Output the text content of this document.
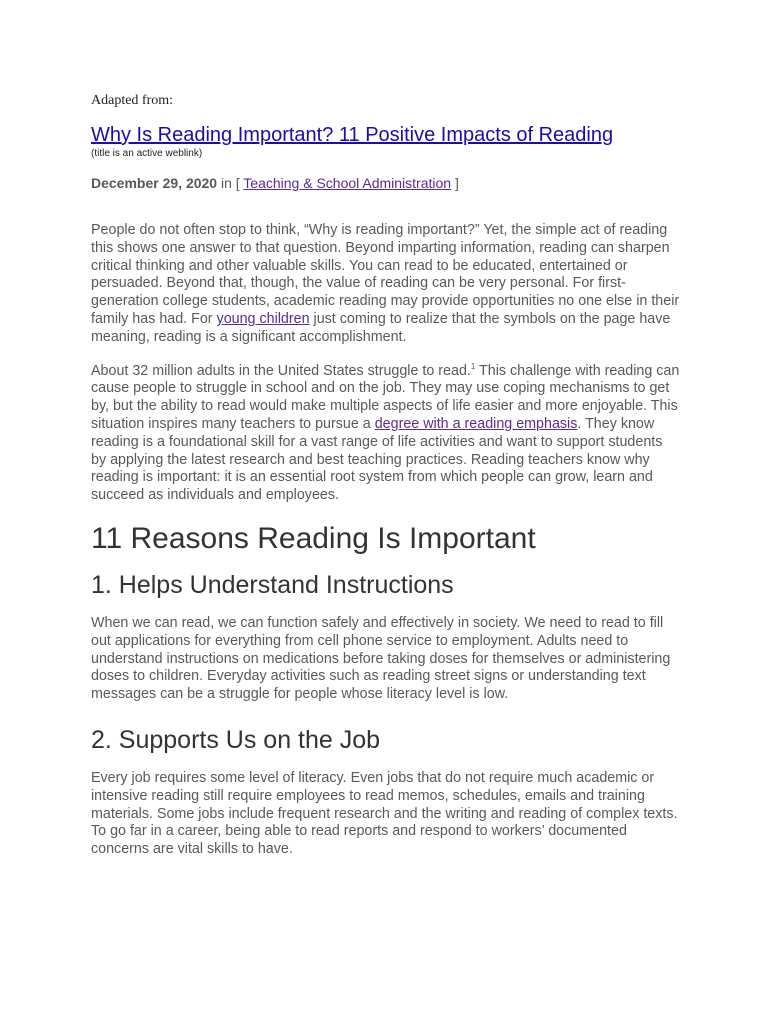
Adapted from:
Why Is Reading Important? 11 Positive Impacts of Reading
(title is an active weblink)
December 29, 2020 in [ Teaching & School Administration ]

People do not often stop to think, “Why is reading important?” Yet, the simple act of reading this shows one answer to that question. Beyond imparting information, reading can sharpen critical thinking and other valuable skills. You can read to be educated, entertained or persuaded. Beyond that, though, the value of reading can be very personal. For first-generation college students, academic reading may provide opportunities no one else in their family has had. For young children just coming to realize that the symbols on the page have meaning, reading is a significant accomplishment.

About 32 million adults in the United States struggle to read.$^1$ This challenge with reading can cause people to struggle in school and on the job. They may use coping mechanisms to get by, but the ability to read would make multiple aspects of life easier and more enjoyable. This situation inspires many teachers to pursue a degree with a reading emphasis. They know reading is a foundational skill for a vast range of life activities and want to support students by applying the latest research and best teaching practices. Reading teachers know why reading is important: it is an essential root system from which people can grow, learn and succeed as individuals and employees.

11 Reasons Reading Is Important
1. Helps Understand Instructions

When we can read, we can function safely and effectively in society. We need to read to fill out applications for everything from cell phone service to employment. Adults need to understand instructions on medications before taking doses for themselves or administering doses to children. Everyday activities such as reading street signs or understanding text messages can be a struggle for people whose literacy level is low.

2. Supports Us on the Job

Every job requires some level of literacy. Even jobs that do not require much academic or intensive reading still require employees to read memos, schedules, emails and training materials. Some jobs include frequent research and the writing and reading of complex texts. To go far in a career, being able to read reports and respond to workers’ documented concerns are vital skills to have.
